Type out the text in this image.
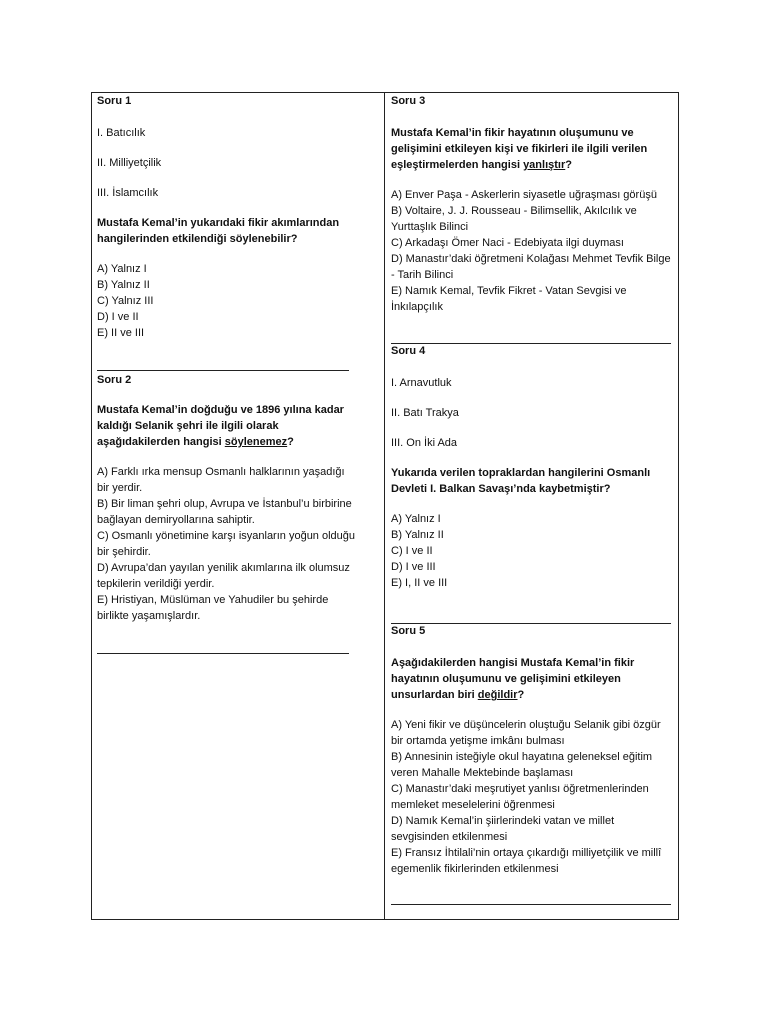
Soru 1

I. Batıcılık

II. Milliyetçilik

III. İslamcılık

Mustafa Kemal’in yukarıdaki fikir akımlarından hangilerinden etkilendiği söylenebilir?

A) Yalnız I
B) Yalnız II
C) Yalnız III
D) I ve II
E) II ve III

Soru 2

Mustafa Kemal’in doğduğu ve 1896 yılına kadar kaldığı Selanik şehri ile ilgili olarak aşağıdakilerden hangisi söylenemez?

A) Farklı ırka mensup Osmanlı halklarının yaşadığı bir yerdir.
B) Bir liman şehri olup, Avrupa ve İstanbul’u birbirine bağlayan demiryollarına sahiptir.
C) Osmanlı yönetimine karşı isyanların yoğun olduğu bir şehirdir.
D) Avrupa’dan yayılan yenilik akımlarına ilk olumsuz tepkilerin verildiği yerdir.
E) Hristiyan, Müslüman ve Yahudiler bu şehirde birlikte yaşamışlardır.

Soru 3

Mustafa Kemal’in fikir hayatının oluşumunu ve gelişimini etkileyen kişi ve fikirleri ile ilgili verilen eşleştirmelerden hangisi yanlıştır?

A) Enver Paşa - Askerlerin siyasetle uğraşması görüşü
B) Voltaire, J. J. Rousseau - Bilimsellik, Akılcılık ve Yurttaşlık Bilinci
C) Arkadaşı Ömer Naci - Edebiyata ilgi duyması
D) Manastır’daki öğretmeni Kolağası Mehmet Tevfik Bilge - Tarih Bilinci
E) Namık Kemal, Tevfik Fikret - Vatan Sevgisi ve İnkılapçılık

Soru 4

I. Arnavutluk

II. Batı Trakya

III. On İki Ada

Yukarıda verilen topraklardan hangilerini Osmanlı Devleti I. Balkan Savaşı’nda kaybetmiştir?

A) Yalnız I
B) Yalnız II
C) I ve II
D) I ve III
E) I, II ve III

Soru 5

Aşağıdakilerden hangisi Mustafa Kemal’in fikir hayatının oluşumunu ve gelişimini etkileyen unsurlardan biri değildir?

A) Yeni fikir ve düşüncelerin oluştuğu Selanik gibi özgür bir ortamda yetişme imkânı bulması
B) Annesinin isteğiyle okul hayatına geleneksel eğitim veren Mahalle Mektebinde başlaması
C) Manastır’daki meşrutiyet yanlısı öğretmenlerinden memleket meselelerini öğrenmesi
D) Namık Kemal’in şiirlerindeki vatan ve millet sevgisinden etkilenmesi
E) Fransız İhtilali’nin ortaya çıkardığı milliyetçilik ve millî egemenlik fikirlerinden etkilenmesi
